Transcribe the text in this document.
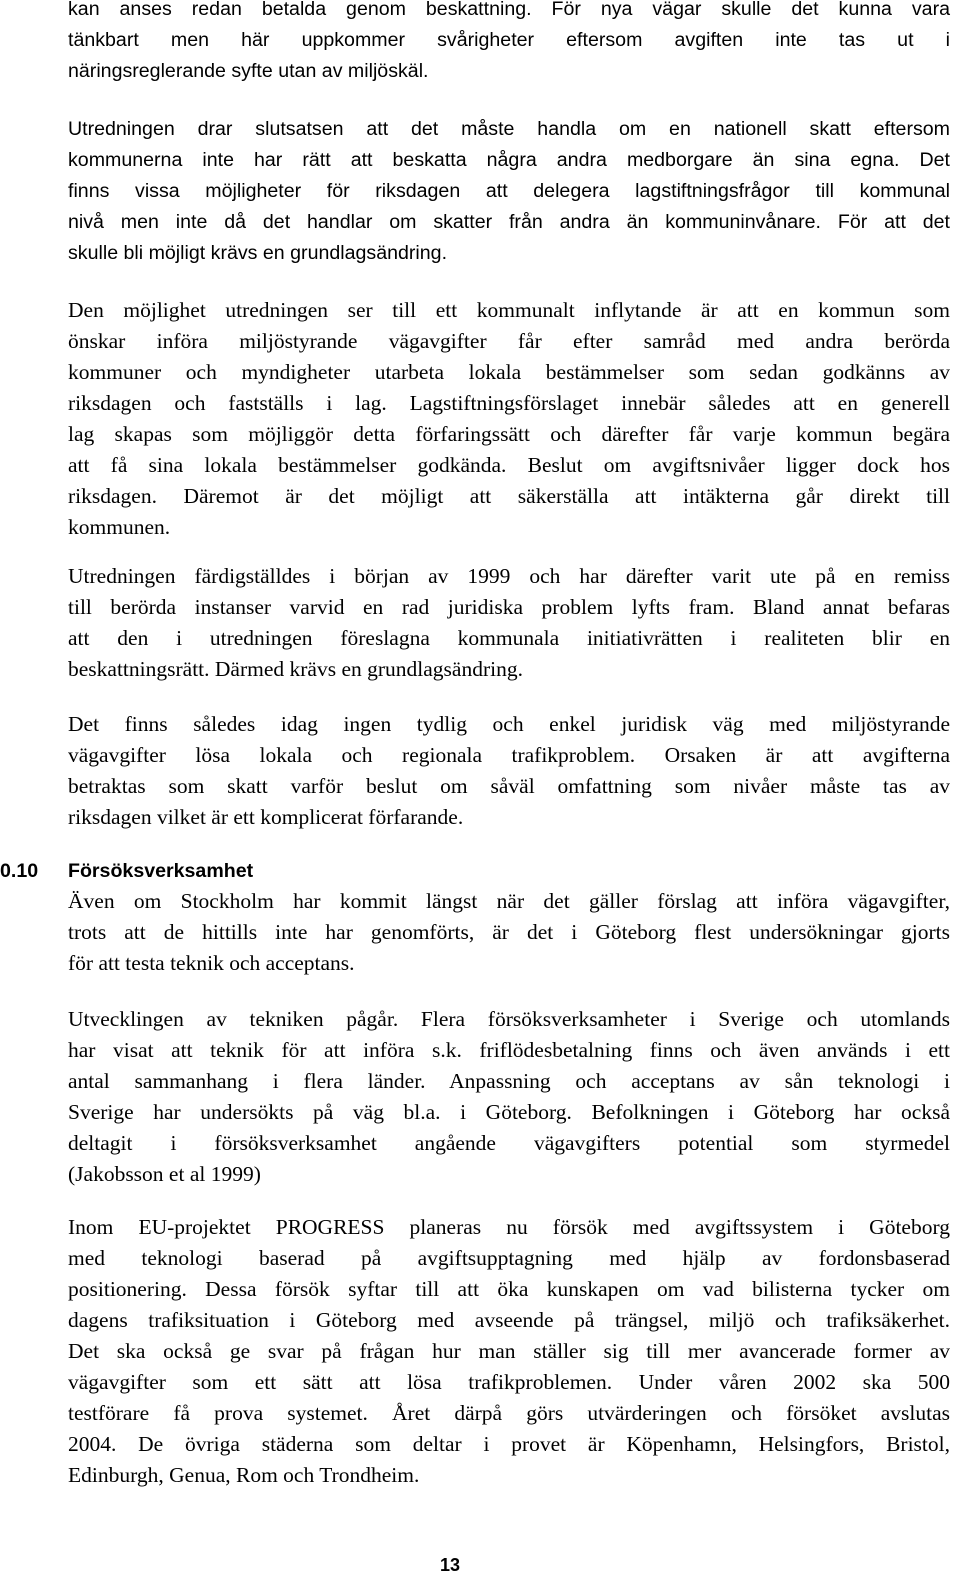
kan anses redan betalda genom beskattning. För nya vägar skulle det kunna vara
tänkbart men här uppkommer svårigheter eftersom avgiften inte tas ut i
näringsreglerande syfte utan av miljöskäl.
Utredningen drar slutsatsen att det måste handla om en nationell skatt eftersom
kommunerna inte har rätt att beskatta några andra medborgare än sina egna. Det
finns vissa möjligheter för riksdagen att delegera lagstiftningsfrågor till kommunal
nivå men inte då det handlar om skatter från andra än kommuninvånare. För att det
skulle bli möjligt krävs en grundlagsändring.
Den möjlighet utredningen ser till ett kommunalt inflytande är att en kommun som
önskar införa miljöstyrande vägavgifter får efter samråd med andra berörda
kommuner och myndigheter utarbeta lokala bestämmelser som sedan godkänns av
riksdagen och fastställs i lag. Lagstiftningsförslaget innebär således att en generell
lag skapas som möjliggör detta förfaringssätt och därefter får varje kommun begära
att få sina lokala bestämmelser godkända. Beslut om avgiftsnivåer ligger dock hos
riksdagen. Däremot är det möjligt att säkerställa att intäkterna går direkt till
kommunen.
Utredningen färdigställdes i början av 1999 och har därefter varit ute på en remiss
till berörda instanser varvid en rad juridiska problem lyfts fram. Bland annat befaras
att den i utredningen föreslagna kommunala initiativrätten i realiteten blir en
beskattningsrätt. Därmed krävs en grundlagsändring.
Det finns således idag ingen tydlig och enkel juridisk väg med miljöstyrande
vägavgifter lösa lokala och regionala trafikproblem. Orsaken är att avgifterna
betraktas som skatt varför beslut om såväl omfattning som nivåer måste tas av
riksdagen vilket är ett komplicerat förfarande.
0.10 Försöksverksamhet
Även om Stockholm har kommit längst när det gäller förslag att införa vägavgifter,
trots att de hittills inte har genomförts, är det i Göteborg flest undersökningar gjorts
för att testa teknik och acceptans.
Utvecklingen av tekniken pågår. Flera försöksverksamheter i Sverige och utomlands
har visat att teknik för att införa s.k. friflödesbetalning finns och även används i ett
antal sammanhang i flera länder. Anpassning och acceptans av sån teknologi i
Sverige har undersökts på väg bl.a. i Göteborg. Befolkningen i Göteborg har också
deltagit i försöksverksamhet angående vägavgifters potential som styrmedel
(Jakobsson et al 1999)
Inom EU-projektet PROGRESS planeras nu försök med avgiftssystem i Göteborg
med teknologi baserad på avgiftsupptagning med hjälp av fordonsbaserad
positionering. Dessa försök syftar till att öka kunskapen om vad bilisterna tycker om
dagens trafiksituation i Göteborg med avseende på trängsel, miljö och trafiksäkerhet.
Det ska också ge svar på frågan hur man ställer sig till mer avancerade former av
vägavgifter som ett sätt att lösa trafikproblemen. Under våren 2002 ska 500
testförare få prova systemet. Året därpå görs utvärderingen och försöket avslutas
2004. De övriga städerna som deltar i provet är Köpenhamn, Helsingfors, Bristol,
Edinburgh, Genua, Rom och Trondheim.
13
